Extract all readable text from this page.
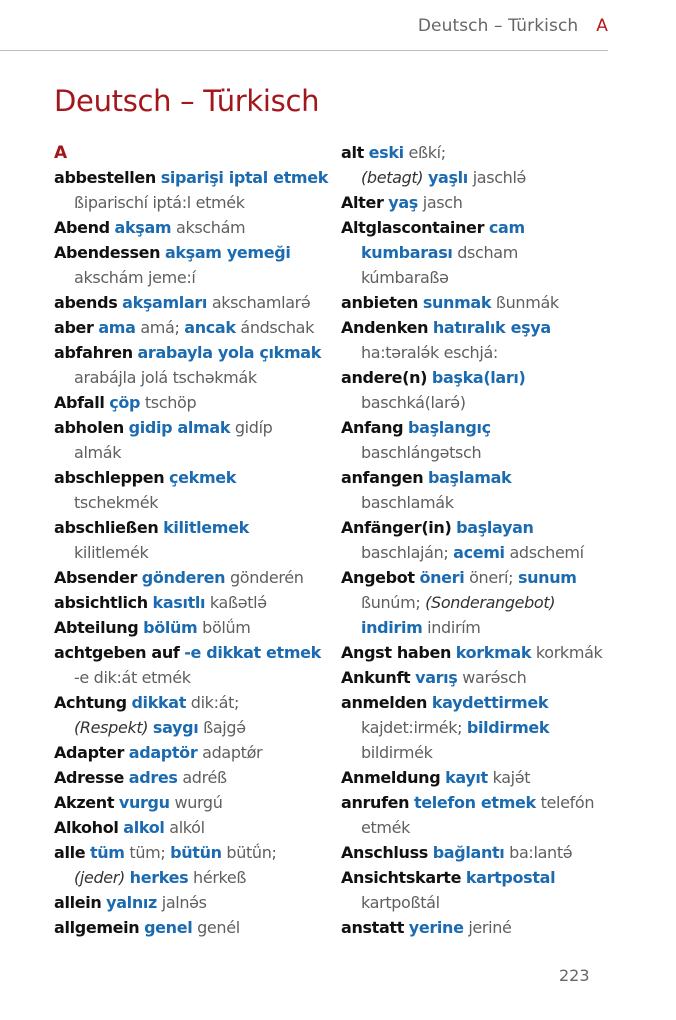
Deutsch – Türkisch A
Deutsch – Türkisch
A
abbestellen siparişi iptal etmek
ßiparischí iptá:l etmék
Abend akşam akschám
Abendessen akşam yemeği
akschám jeme:í
abends akşamları akschamlarə́
aber ama amá; ancak ándschak
abfahren arabayla yola çıkmak
arabájla jolá tschəkmák
Abfall çöp tschöp
abholen gidip almak gidíp
almák
abschleppen çekmek
tschekmék
abschließen kilitlemek
kilitlemék
Absender gönderen gönderén
absichtlich kasıtlı kaßətlə́
Abteilung bölüm bölǘm
achtgeben auf -e dikkat etmek
-e dik:át etmék
Achtung dikkat dik:át;
(Respekt) saygı ßajgə́
Adapter adaptör adaptǿr
Adresse adres adréß
Akzent vurgu wurgú
Alkohol alkol alkól
alle tüm tüm; bütün bütǘn;
(jeder) herkes hérkeß
allein yalnız jalnə́s
allgemein genel genél
alt eski eßkí;
(betagt) yaşlı jaschlə́
Alter yaş jasch
Altglascontainer cam
kumbarası dscham
kúmbaraßə
anbieten sunmak ßunmák
Andenken hatıralık eşya
ha:təralə́k eschjá:
andere(n) başka(ları)
baschká(larə́)
Anfang başlangıç
baschlángətsch
anfangen başlamak
baschlamák
Anfänger(in) başlayan
baschlaján; acemi adschemí
Angebot öneri önerí; sunum
ßunúm; (Sonderangebot)
indirim indirím
Angst haben korkmak korkmák
Ankunft varış warə́sch
anmelden kaydettirmek
kajdet:irmék; bildirmek
bildirmék
Anmeldung kayıt kajə́t
anrufen telefon etmek telefón
etmék
Anschluss bağlantı ba:lantə́
Ansichtskarte kartpostal
kartpoßtál
anstatt yerine jeriné
223
